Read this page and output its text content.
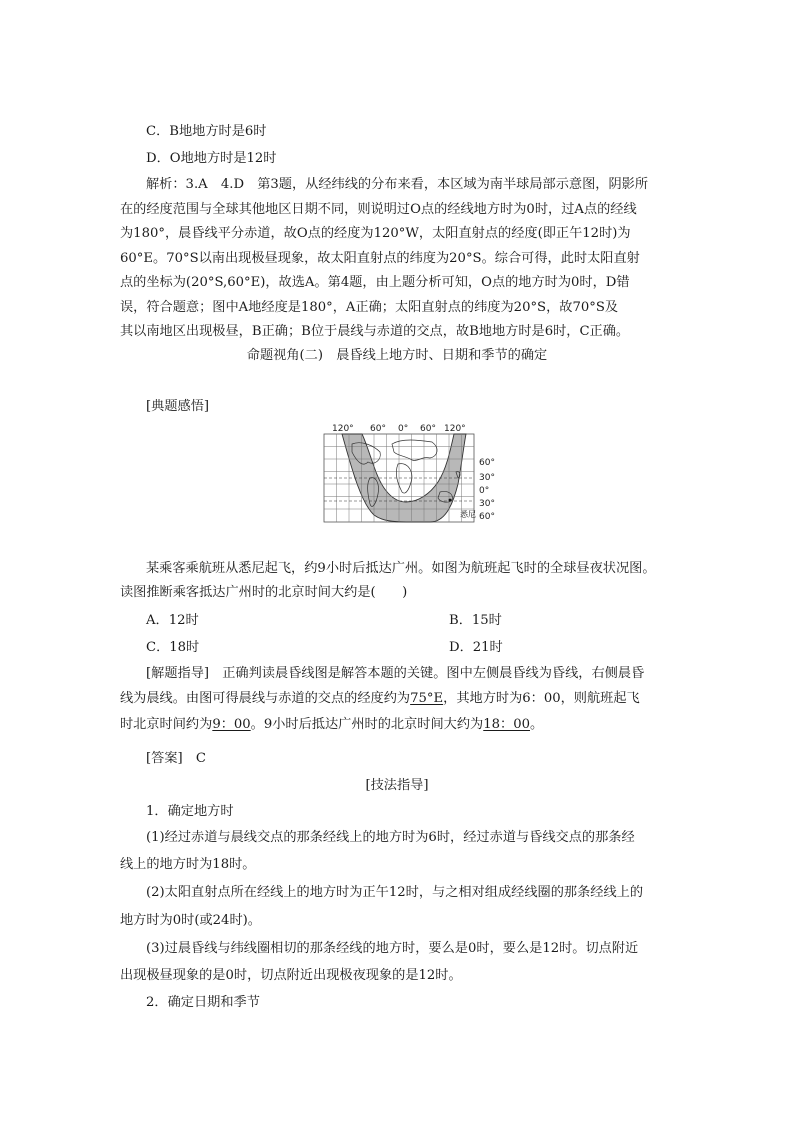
C．B地地方时是6时
D．O地地方时是12时
解析：3.A　4.D　第3题，从经纬线的分布来看，本区域为南半球局部示意图，阴影所
在的经度范围与全球其他地区日期不同，则说明过O点的经线地方时为0时，过A点的经线
为180°，晨昏线平分赤道，故O点的经度为120°W，太阳直射点的经度(即正午12时)为
60°E。70°S以南出现极昼现象，故太阳直射点的纬度为20°S。综合可得，此时太阳直射
点的坐标为(20°S,60°E)，故选A。第4题，由上题分析可知，O点的地方时为0时，D错
误，符合题意；图中A地经度是180°，A正确；太阳直射点的纬度为20°S，故70°S及
其以南地区出现极昼，B正确；B位于晨线与赤道的交点，故B地地方时是6时，C正确。
命题视角(二)　晨昏线上地方时、日期和季节的确定
[典题感悟]
120° 60° 0° 60° 120°
60°
30°
0°
30°
60°
悉尼
某乘客乘航班从悉尼起飞，约9小时后抵达广州。如图为航班起飞时的全球昼夜状况图。
读图推断乘客抵达广州时的北京时间大约是(　　)
A．12时	B．15时
C．18时	D．21时
[解题指导]　正确判读晨昏线图是解答本题的关键。图中左侧晨昏线为昏线，右侧晨昏
线为晨线。由图可得晨线与赤道的交点的经度约为75°E，其地方时为6：00，则航班起飞
时北京时间约为9：00。9小时后抵达广州时的北京时间大约为18：00。
[答案]　C
[技法指导]
1．确定地方时
(1)经过赤道与晨线交点的那条经线上的地方时为6时，经过赤道与昏线交点的那条经
线上的地方时为18时。
(2)太阳直射点所在经线上的地方时为正午12时，与之相对组成经线圈的那条经线上的
地方时为0时(或24时)。
(3)过晨昏线与纬线圈相切的那条经线的地方时，要么是0时，要么是12时。切点附近
出现极昼现象的是0时，切点附近出现极夜现象的是12时。
2．确定日期和季节
